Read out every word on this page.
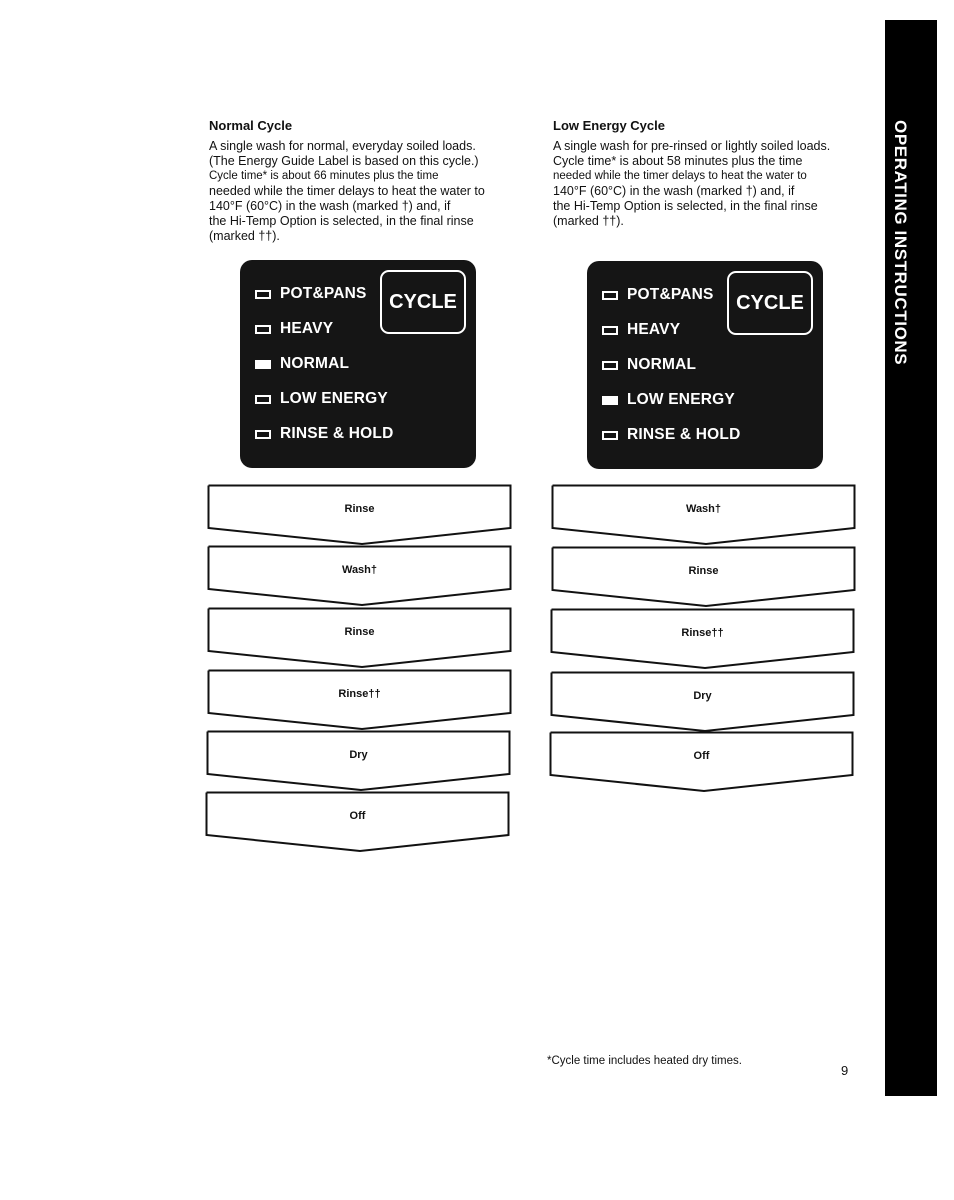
Normal Cycle

A single wash for normal, everyday soiled loads.

(The Energy Guide Label is based on this cycle.)

Cycle time* is about 66 minutes plus the time

needed while the timer delays to heat the water to

140°F (60°C) in the wash (marked †) and, if

the Hi-Temp Option is selected, in the final rinse

(marked ††).

Low Energy Cycle

A single wash for pre-rinsed or lightly soiled loads.

Cycle time* is about 58 minutes plus the time

needed while the timer delays to heat the water to

140°F (60°C) in the wash (marked †) and, if

the Hi-Temp Option is selected, in the final rinse

(marked ††).

POT&PANS
HEAVY
NORMAL
LOW ENERGY
RINSE & HOLD
CYCLE	POT&PANS
HEAVY
NORMAL
LOW ENERGY
RINSE & HOLD
CYCLE
Rinse
Wash†
Rinse
Rinse††
Dry
Off
Wash†
Rinse
Rinse††
Dry
Off
*Cycle time includes heated dry times.
9
OPERATING INSTRUCTIONS
